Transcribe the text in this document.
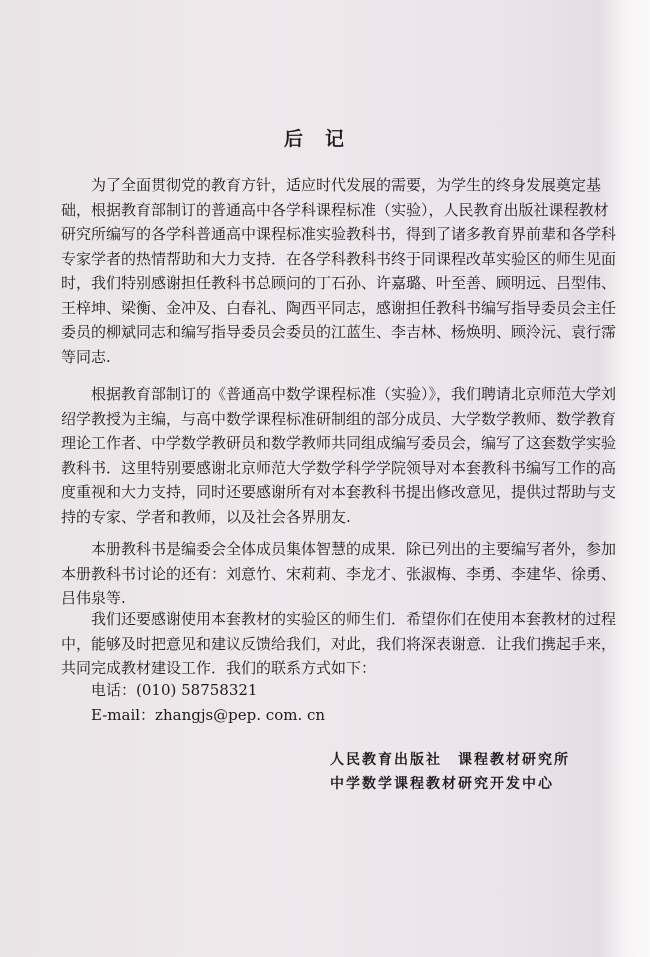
后记
为了全面贯彻党的教育方针，适应时代发展的需要，为学生的终身发展奠定基
础，根据教育部制订的普通高中各学科课程标准（实验），人民教育出版社课程教材
研究所编写的各学科普通高中课程标准实验教科书，得到了诸多教育界前辈和各学科
专家学者的热情帮助和大力支持．在各学科教科书终于同课程改革实验区的师生见面
时，我们特别感谢担任教科书总顾问的丁石孙、许嘉璐、叶至善、顾明远、吕型伟、
王梓坤、梁衡、金冲及、白春礼、陶西平同志，感谢担任教科书编写指导委员会主任
委员的柳斌同志和编写指导委员会委员的江蓝生、李吉林、杨焕明、顾泠沅、袁行霈
等同志.
根据教育部制订的《普通高中数学课程标准（实验）》，我们聘请北京师范大学刘
绍学教授为主编，与高中数学课程标准研制组的部分成员、大学数学教师、数学教育
理论工作者、中学数学教研员和数学教师共同组成编写委员会，编写了这套数学实验
教科书．这里特别要感谢北京师范大学数学科学学院领导对本套教科书编写工作的高
度重视和大力支持，同时还要感谢所有对本套教科书提出修改意见，提供过帮助与支
持的专家、学者和教师，以及社会各界朋友.
本册教科书是编委会全体成员集体智慧的成果．除已列出的主要编写者外，参加
本册教科书讨论的还有：刘意竹、宋莉莉、李龙才、张淑梅、李勇、李建华、徐勇、
吕伟泉等.
我们还要感谢使用本套教材的实验区的师生们．希望你们在使用本套教材的过程
中，能够及时把意见和建议反馈给我们，对此，我们将深表谢意．让我们携起手来，
共同完成教材建设工作．我们的联系方式如下：
电话：(010) 58758321
E-mail：zhangjs@pep. com. cn
人民教育出版社　课程教材研究所
中学数学课程教材研究开发中心
